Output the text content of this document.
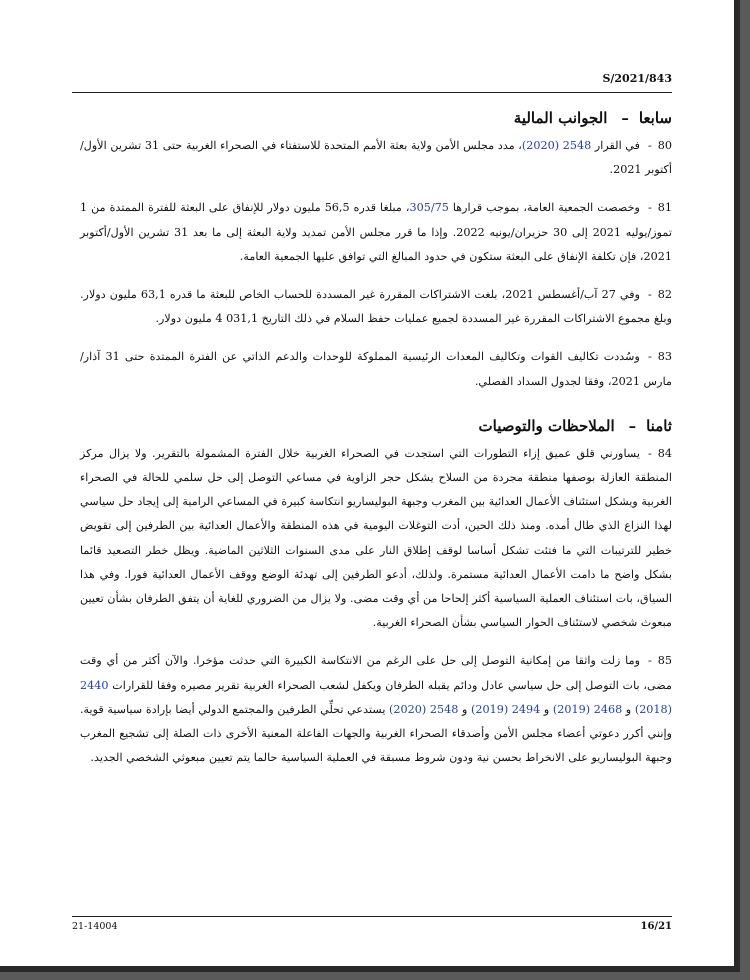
S/2021/843
سابعا–الجوانب المالية

80-في القرار 2548 (2020)، مدد مجلس الأمن ولاية بعثة الأمم المتحدة للاستفتاء في الصحراء الغربية حتى 31 تشرين الأول/أكتوبر 2021.

81-وخصصت الجمعية العامة، بموجب قرارها 305/75، مبلغا قدره 56,5 مليون دولار للإنفاق على البعثة للفترة الممتدة من 1 تموز/يوليه 2021 إلى 30 حزيران/يونيه 2022. وإذا ما قرر مجلس الأمن تمديد ولاية البعثة إلى ما بعد 31 تشرين الأول/أكتوبر 2021، فإن تكلفة الإنفاق على البعثة ستكون في حدود المبالغ التي توافق عليها الجمعية العامة.

82-وفي 27 آب/أغسطس 2021، بلغت الاشتراكات المقررة غير المسددة للحساب الخاص للبعثة ما قدره 63,1 مليون دولار. وبلغ مجموع الاشتراكات المقررة غير المسددة لجميع عمليات حفظ السلام في ذلك التاريخ 031,1 4 مليون دولار.

83-وسُددت تكاليف القوات وتكاليف المعدات الرئيسية المملوكة للوحدات والدعم الذاتي عن الفترة الممتدة حتى 31 آذار/مارس 2021، وفقا لجدول السداد الفصلي.

ثامنا–الملاحظات والتوصيات

84-يساورني قلق عميق إزاء التطورات التي استجدت في الصحراء الغربية خلال الفترة المشمولة بالتقرير. ولا يزال مركز المنطقة العازلة بوصفها منطقة مجردة من السلاح يشكل حجر الزاوية في مساعي التوصل إلى حل سلمي للحالة في الصحراء الغربية ويشكل استئناف الأعمال العدائية بين المغرب وجبهة البوليساريو انتكاسة كبيرة في المساعي الرامية إلى إيجاد حل سياسي لهذا النزاع الذي طال أمده. ومنذ ذلك الحين، أدت التوغلات اليومية في هذه المنطقة والأعمال العدائية بين الطرفين إلى تقويض خطير للترتيبات التي ما فتئت تشكل أساسا لوقف إطلاق النار على مدى السنوات الثلاثين الماضية. ويظل خطر التصعيد قائما بشكل واضح ما دامت الأعمال العدائية مستمرة. ولذلك، أدعو الطرفين إلى تهدئة الوضع ووقف الأعمال العدائية فورا. وفي هذا السياق، بات استئناف العملية السياسية أكثر إلحاحا من أي وقت مضى. ولا يزال من الضروري للغاية أن يتفق الطرفان بشأن تعيين مبعوث شخصي لاستئناف الحوار السياسي بشأن الصحراء الغربية.

85-وما زلت واثقا من إمكانية التوصل إلى حل على الرغم من الانتكاسة الكبيرة التي حدثت مؤخرا. والآن أكثر من أي وقت مضى، بات التوصل إلى حل سياسي عادل ودائم يقبله الطرفان ويكفل لشعب الصحراء الغربية تقرير مصيره وفقا للقرارات 2440 (2018) و 2468 (2019) و 2494 (2019) و 2548 (2020) يستدعي تحلِّي الطرفين والمجتمع الدولي أيضا بإرادة سياسية قوية. وإنني أكرر دعوتي أعضاء مجلس الأمن وأصدقاء الصحراء الغربية والجهات الفاعلة المعنية الأخرى ذات الصلة إلى تشجيع المغرب وجبهة البوليساريو على الانخراط بحسن نية ودون شروط مسبقة في العملية السياسية حالما يتم تعيين مبعوثي الشخصي الجديد.

16/21
21-14004
